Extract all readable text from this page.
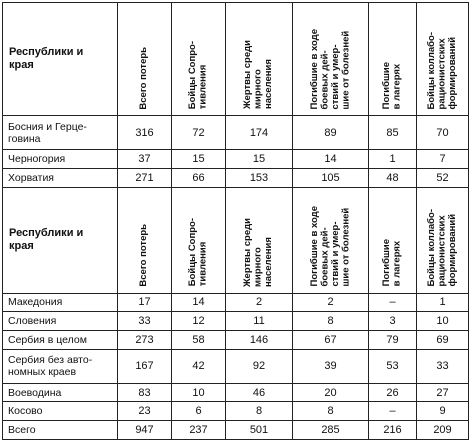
Республики и
края	Всего потерь	Бойцы Сопро-
тивления	Жертвы среди
мирного
населения	Погибшие в ходе
боевых дей-
ствий и умер-
шие от болезней	Погибшие
в лагерях	Бойцы коллабо-
рационистских
формирований

Босния и Герце-
говина	316	72	174	89	85	70
Черногория	37	15	15	14	1	7
Хорватия	271	66	153	105	48	52
Республики и
края	Всего потерь	Бойцы Сопро-
тивления	Жертвы среди
мирного
населения	Погибшие в ходе
боевых дей-
ствий и умер-
шие от болезней	Погибшие
в лагерях	Бойцы коллабо-
рационистских
формирований

Македония	17	14	2	2	–	1
Словения	33	12	11	8	3	10
Сербия в целом	273	58	146	67	79	69
Сербия без авто-
номных краев	167	42	92	39	53	33
Воеводина	83	10	46	20	26	27
Косово	23	6	8	8	–	9
Всего	947	237	501	285	216	209
